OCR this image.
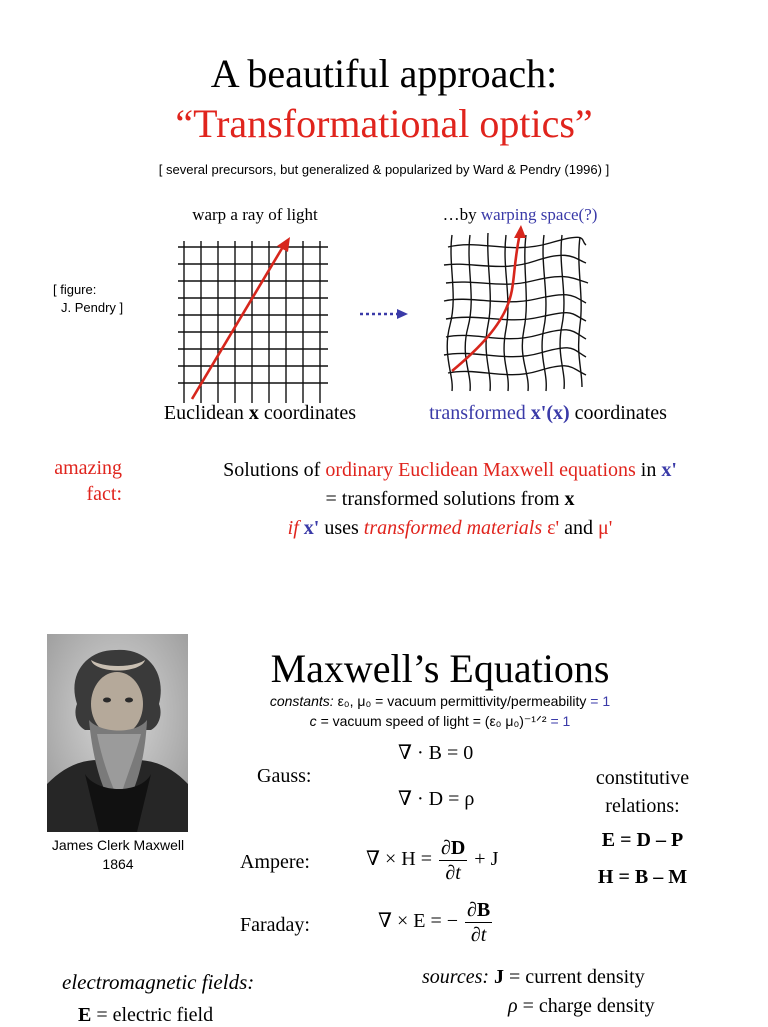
A beautiful approach:
“Transformational optics”
[ several precursors, but generalized & popularized by Ward & Pendry (1996) ]
warp a ray of light	…by warping space(?)
[ figure:
J. Pendry ]
Euclidean x coordinates	transformed x'(x) coordinates
amazing
fact:
Solutions of ordinary Euclidean Maxwell equations in x'
= transformed solutions from x
if x' uses transformed materials ε' and μ'
James Clerk Maxwell
1864
Maxwell’s Equations
constants: ε₀, μ₀ = vacuum permittivity/permeability = 1
c = vacuum speed of light = (ε₀ μ₀)⁻¹ᐟ² = 1
Gauss:
∇ · B = 0
∇ · D = ρ
Ampere:	∇ × $H = \frac{\partial D}{\partial t} + J$
Faraday:	∇ × E = − $\frac{\partial B}{\partial t}$
constitutive
relations:
E = D – P
H = B – M
electromagnetic fields:
E = electric field
sources: J = current density
ρ = charge density
